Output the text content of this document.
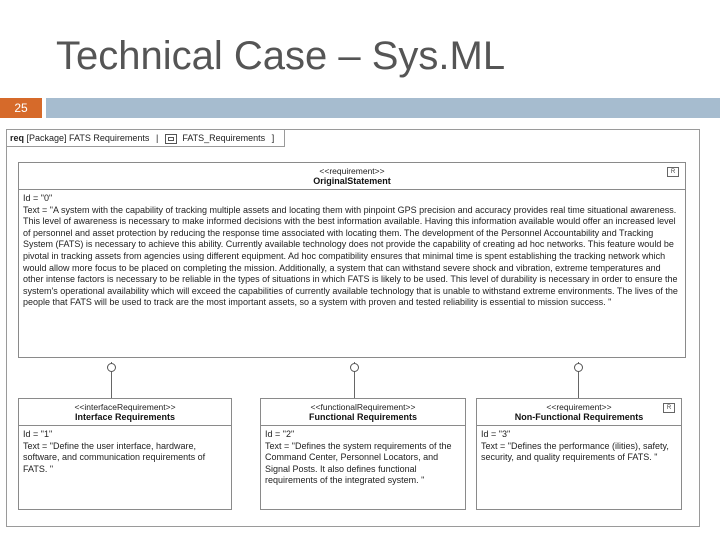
Technical Case – Sys.ML
25
req [Package] FATS Requirements |	FATS_Requirements ]
<<requirement>>
OriginalStatement
R
Id = "0"
Text = "A system with the capability of tracking multiple assets and locating them with pinpoint GPS precision and accuracy provides real time situational awareness. This level of awareness is necessary to make informed decisions with the best information available. Having this information available would offer an increased level of personnel and asset protection by reducing the response time associated with locating them. The development of the Personnel Accountability and Tracking System (FATS) is necessary to achieve this ability. Currently available technology does not provide the capability of creating ad hoc networks. This feature would be pivotal in tracking assets from agencies using different equipment. Ad hoc compatibility ensures that minimal time is spent establishing the tracking network which would allow more focus to be placed on completing the mission. Additionally, a system that can withstand severe shock and vibration, extreme temperatures and other intense factors is necessary to be reliable in the types of situations in which FATS is likely to be used. This level of durability is necessary in order to ensure the system's operational availability which will exceed the capabilities of currently available technology that is unable to withstand extreme environments. The lives of the people that FATS will be used to track are the most important assets, so a system with proven and tested reliability is essential to mission success. "
<<interfaceRequirement>>
Interface Requirements
Id = "1"
Text = "Define the user interface, hardware, software, and communication requirements of FATS. "
<<functionalRequirement>>
Functional Requirements
Id = "2"
Text = "Defines the system requirements of the Command Center, Personnel Locators, and Signal Posts. It also defines functional requirements of the integrated system. "
<<requirement>>
Non-Functional Requirements
R
Id = "3"
Text = "Defines the performance (ilities), safety, security, and quality requirements of FATS. "
